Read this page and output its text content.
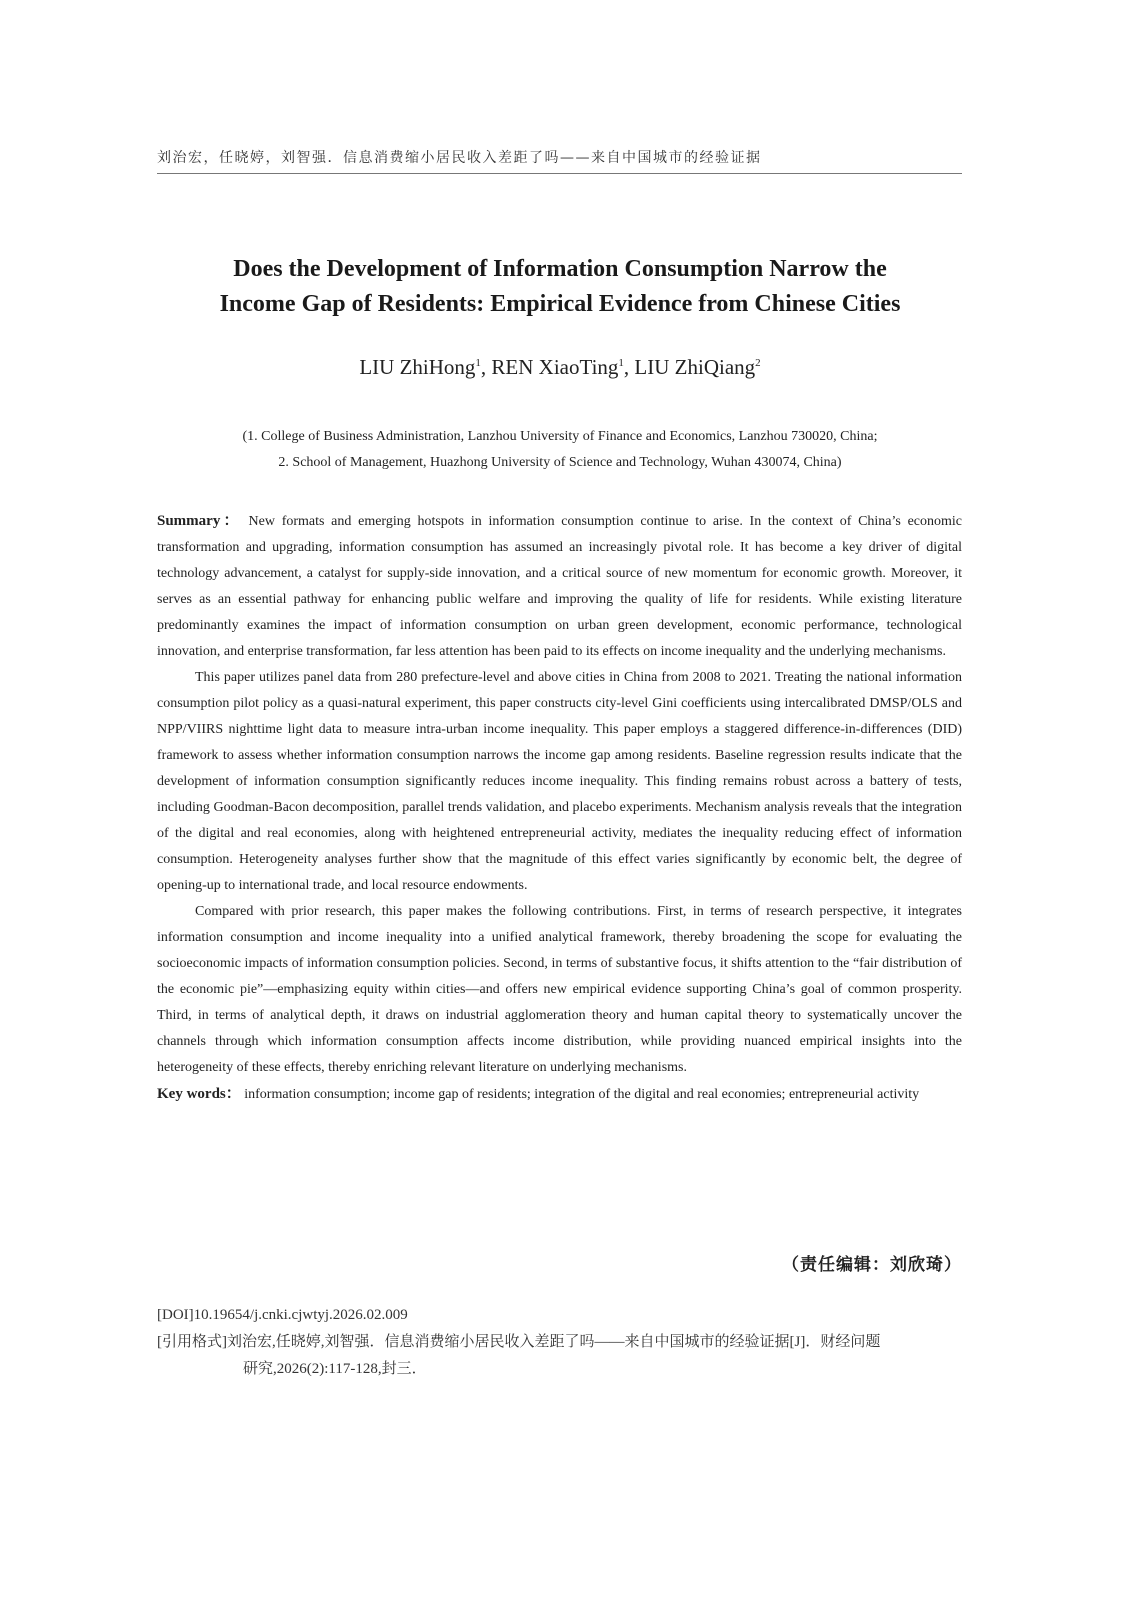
刘治宏，任晓婷，刘智强．信息消费缩小居民收入差距了吗——来自中国城市的经验证据
Does the Development of Information Consumption Narrow the
Income Gap of Residents: Empirical Evidence from Chinese Cities
LIU ZhiHong$^1$, REN XiaoTing$^1$, LIU ZhiQiang$^2$
(1. College of Business Administration, Lanzhou University of Finance and Economics, Lanzhou 730020, China;
2. School of Management, Huazhong University of Science and Technology, Wuhan 430074, China)

Summary： New formats and emerging hotspots in information consumption continue to arise. In the context of China’s economic transformation and upgrading, information consumption has assumed an increasingly pivotal role. It has become a key driver of digital technology advancement, a catalyst for supply-side innovation, and a critical source of new momentum for economic growth. Moreover, it serves as an essential pathway for enhancing public welfare and improving the quality of life for residents. While existing literature predominantly examines the impact of information consumption on urban green development, economic performance, technological innovation, and enterprise transformation, far less attention has been paid to its effects on income inequality and the underlying mechanisms.

This paper utilizes panel data from 280 prefecture-level and above cities in China from 2008 to 2021. Treating the national information consumption pilot policy as a quasi-natural experiment, this paper constructs city-level Gini coefficients using intercalibrated DMSP/OLS and NPP/VIIRS nighttime light data to measure intra-urban income inequality. This paper employs a staggered difference-in-differences (DID) framework to assess whether information consumption narrows the income gap among residents. Baseline regression results indicate that the development of information consumption significantly reduces income inequality. This finding remains robust across a battery of tests, including Goodman-Bacon decomposition, parallel trends validation, and placebo experiments. Mechanism analysis reveals that the integration of the digital and real economies, along with heightened entrepreneurial activity, mediates the inequality reducing effect of information consumption. Heterogeneity analyses further show that the magnitude of this effect varies significantly by economic belt, the degree of opening-up to international trade, and local resource endowments.

Compared with prior research, this paper makes the following contributions. First, in terms of research perspective, it integrates information consumption and income inequality into a unified analytical framework, thereby broadening the scope for evaluating the socioeconomic impacts of information consumption policies. Second, in terms of substantive focus, it shifts attention to the “fair distribution of the economic pie”—emphasizing equity within cities—and offers new empirical evidence supporting China’s goal of common prosperity. Third, in terms of analytical depth, it draws on industrial agglomeration theory and human capital theory to systematically uncover the channels through which information consumption affects income distribution, while providing nuanced empirical insights into the heterogeneity of these effects, thereby enriching relevant literature on underlying mechanisms.

Key words： information consumption; income gap of residents; integration of the digital and real economies; entrepreneurial activity

（责任编辑：刘欣琦）
[DOI]10.19654/j.cnki.cjwtyj.2026.02.009
[引用格式]刘治宏,任晓婷,刘智强．信息消费缩小居民收入差距了吗——来自中国城市的经验证据[J]．财经问题
研究,2026(2):117-128,封三．
